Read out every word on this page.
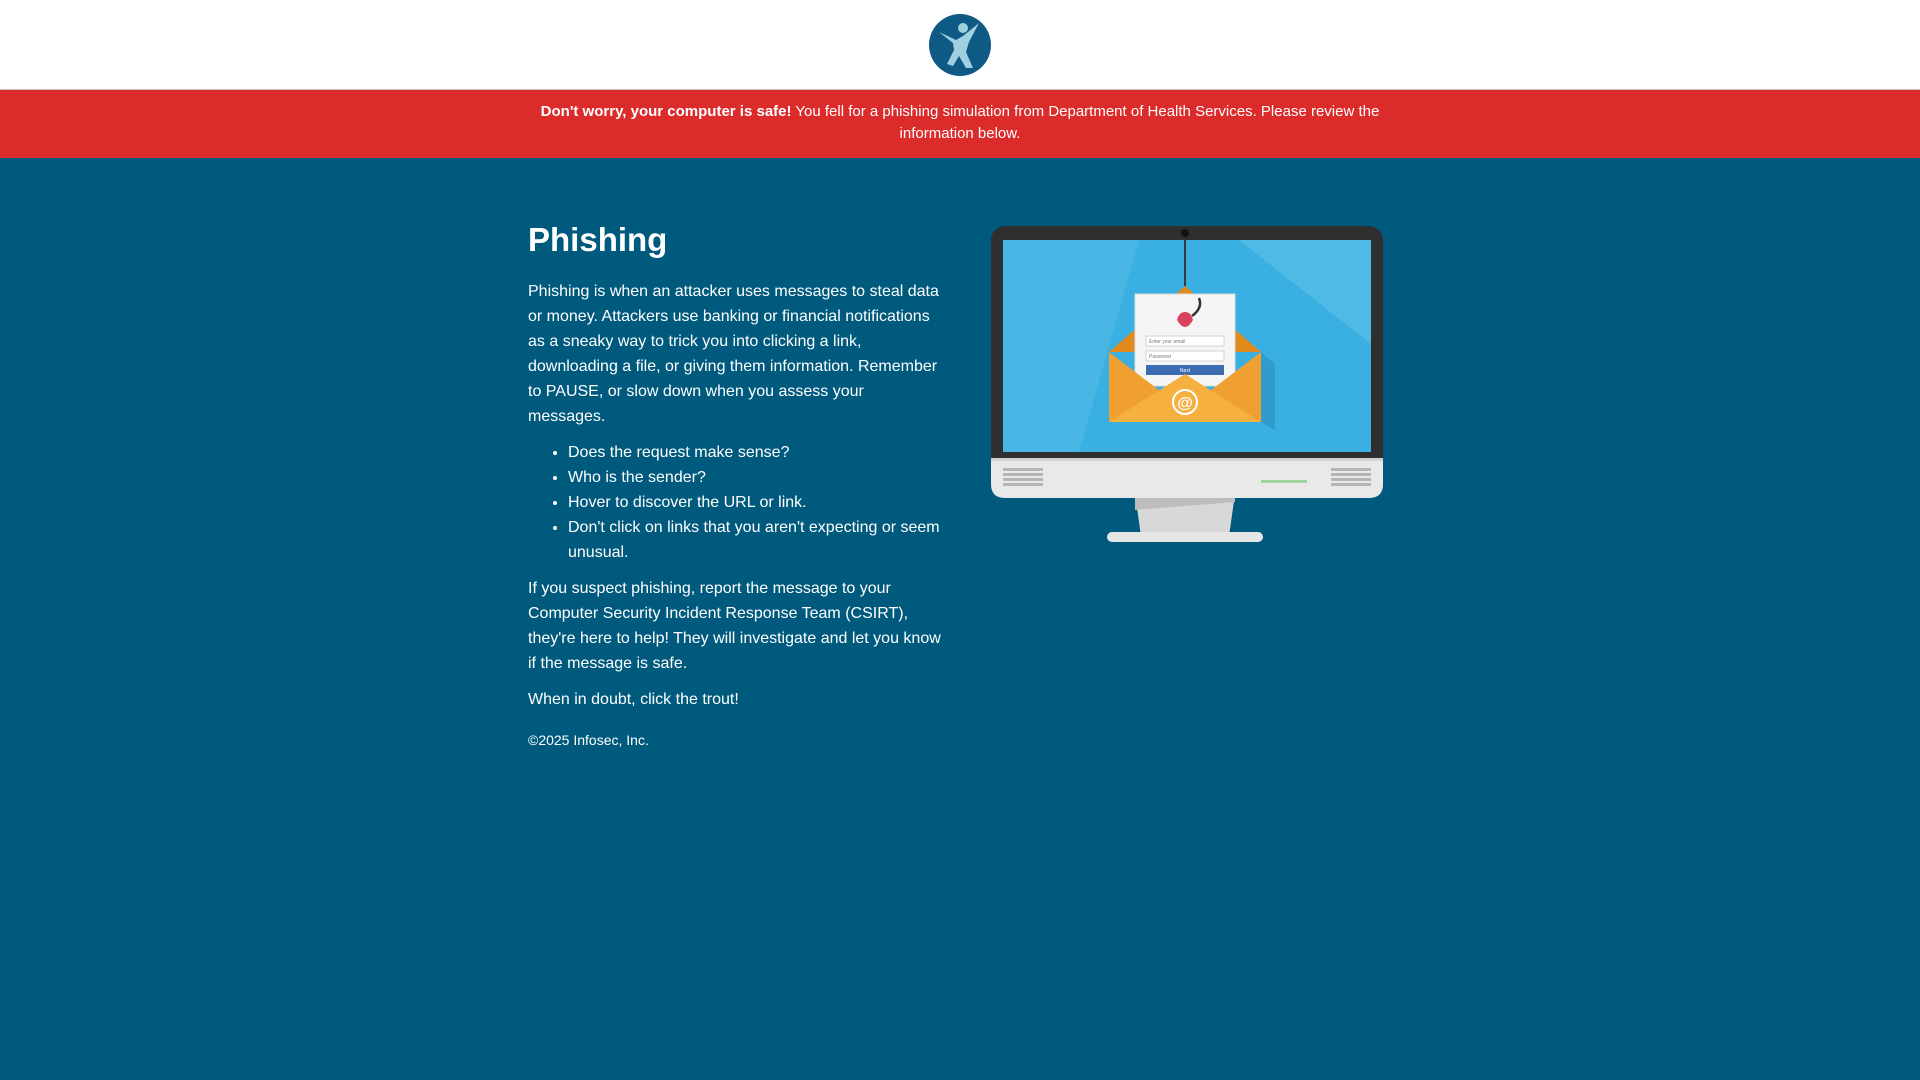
Don't worry, your computer is safe! You fell for a phishing simulation from Department of Health Services. Please review the information below.
Phishing

Phishing is when an attacker uses messages to steal data or money. Attackers use banking or financial notifications as a sneaky way to trick you into clicking a link, downloading a file, or giving them information. Remember to PAUSE, or slow down when you assess your messages.

• Does the request make sense?
• Who is the sender?
• Hover to discover the URL or link.
• Don't click on links that you aren't expecting or seem unusual.

If you suspect phishing, report the message to your Computer Security Incident Response Team (CSIRT), they're here to help! They will investigate and let you know if the message is safe.

When in doubt, click the trout!

©2025 Infosec, Inc.

Enter your email
Password
Next
@
